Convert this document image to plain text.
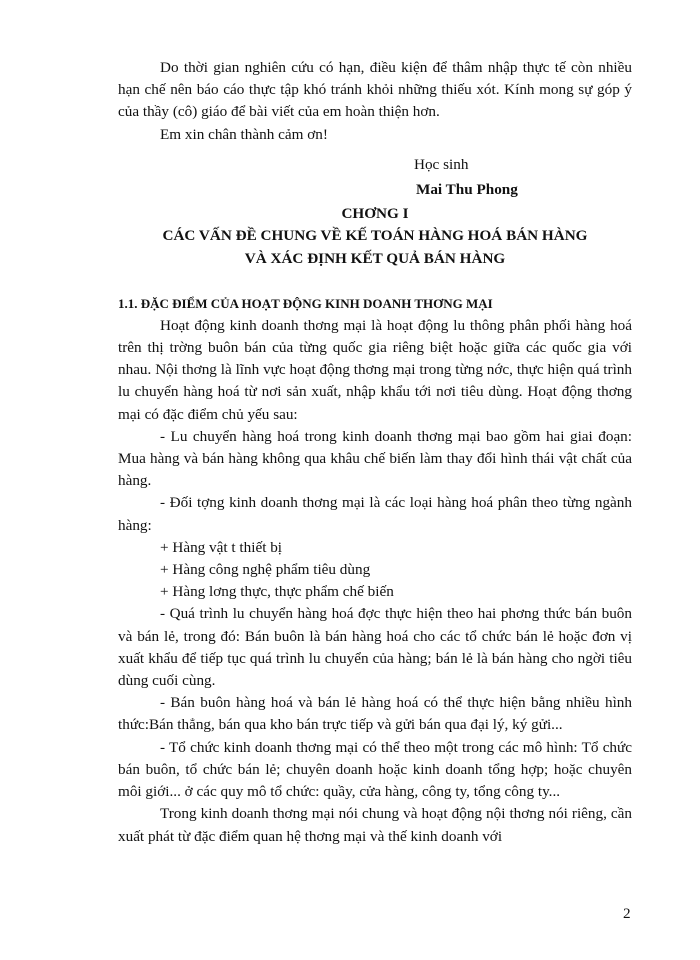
Do thời gian nghiên cứu có hạn, điều kiện để thâm nhập thực tế còn nhiều hạn chế nên báo cáo thực tập khó tránh khỏi những thiếu xót. Kính mong sự góp ý của thầy (cô) giáo để bài viết của em hoàn thiện hơn.

Em xin chân thành cảm ơn!

Học sinh

Mai Thu Phong

CHƠNG I

CÁC VẤN ĐỀ CHUNG VỀ KẾ TOÁN HÀNG HOÁ BÁN HÀNG

VÀ XÁC ĐỊNH KẾT QUẢ BÁN HÀNG

1.1. ĐẶC ĐIỂM CỦA HOẠT ĐỘNG KINH DOANH THƠNG MẠI

Hoạt động kinh doanh thơng mại là hoạt động lu thông phân phối hàng hoá trên thị trờng buôn bán của từng quốc gia riêng biệt hoặc giữa các quốc gia với nhau. Nội thơng là lĩnh vực hoạt động thơng mại trong từng nớc, thực hiện quá trình lu chuyển hàng hoá từ nơi sản xuất, nhập khẩu tới nơi tiêu dùng. Hoạt động thơng mại có đặc điểm chủ yếu sau:

- Lu chuyển hàng hoá trong kinh doanh thơng mại bao gồm hai giai đoạn: Mua hàng và bán hàng không qua khâu chế biến làm thay đổi hình thái vật chất của hàng.

- Đối tợng kinh doanh thơng mại là các loại hàng hoá phân theo từng ngành hàng:

+ Hàng vật t thiết bị

+ Hàng công nghệ phẩm tiêu dùng

+ Hàng lơng thực, thực phẩm chế biến

- Quá trình lu chuyển hàng hoá đợc thực hiện theo hai phơng thức bán buôn và bán lẻ, trong đó: Bán buôn là bán hàng hoá cho các tổ chức bán lẻ hoặc đơn vị xuất khẩu để tiếp tục quá trình lu chuyển của hàng; bán lẻ là bán hàng cho ngời tiêu dùng cuối cùng.

- Bán buôn hàng hoá và bán lẻ hàng hoá có thể thực hiện bằng nhiều hình thức:Bán thẳng, bán qua kho bán trực tiếp và gửi bán qua đại lý, ký gửi...

- Tổ chức kinh doanh thơng mại có thể theo một trong các mô hình: Tổ chức bán buôn, tổ chức bán lẻ; chuyên doanh hoặc kinh doanh tổng hợp; hoặc chuyên môi giới... ở các quy mô tổ chức: quầy, cửa hàng, công ty, tổng công ty...

Trong kinh doanh thơng mại nói chung và hoạt động nội thơng nói riêng, cần xuất phát từ đặc điểm quan hệ thơng mại và thế kinh doanh với

2
